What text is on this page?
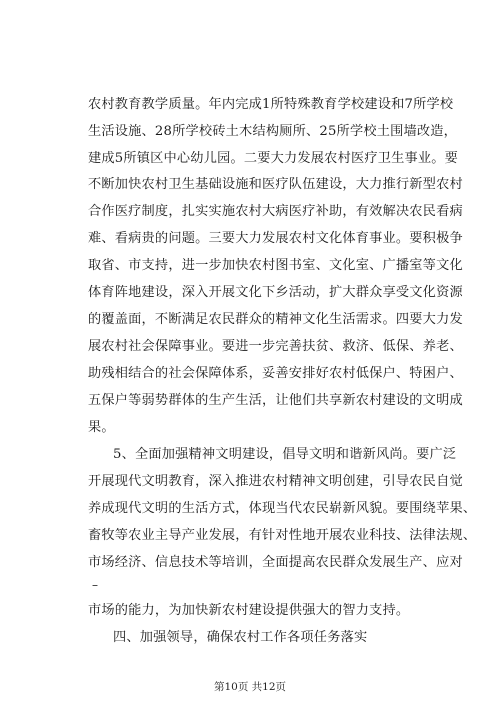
农村教育教学质量。年内完成1所特殊教育学校建设和7所学校
生活设施、28所学校砖土木结构厕所、25所学校土围墙改造，
建成5所镇区中心幼儿园。二要大力发展农村医疗卫生事业。要
不断加快农村卫生基础设施和医疗队伍建设，大力推行新型农村
合作医疗制度，扎实实施农村大病医疗补助，有效解决农民看病
难、看病贵的问题。三要大力发展农村文化体育事业。要积极争
取省、市支持，进一步加快农村图书室、文化室、广播室等文化
体育阵地建设，深入开展文化下乡活动，扩大群众享受文化资源
的覆盖面，不断满足农民群众的精神文化生活需求。四要大力发
展农村社会保障事业。要进一步完善扶贫、救济、低保、养老、
助残相结合的社会保障体系，妥善安排好农村低保户、特困户、
五保户等弱势群体的生产生活，让他们共享新农村建设的文明成
果。
5、全面加强精神文明建设，倡导文明和谐新风尚。要广泛
开展现代文明教育，深入推进农村精神文明创建，引导农民自觉
养成现代文明的生活方式，体现当代农民崭新风貌。要围绕苹果、
畜牧等农业主导产业发展，有针对性地开展农业科技、法律法规、
市场经济、信息技术等培训，全面提高农民群众发展生产、应对
–
市场的能力，为加快新农村建设提供强大的智力支持。
四、加强领导，确保农村工作各项任务落实
第10页 共12页
